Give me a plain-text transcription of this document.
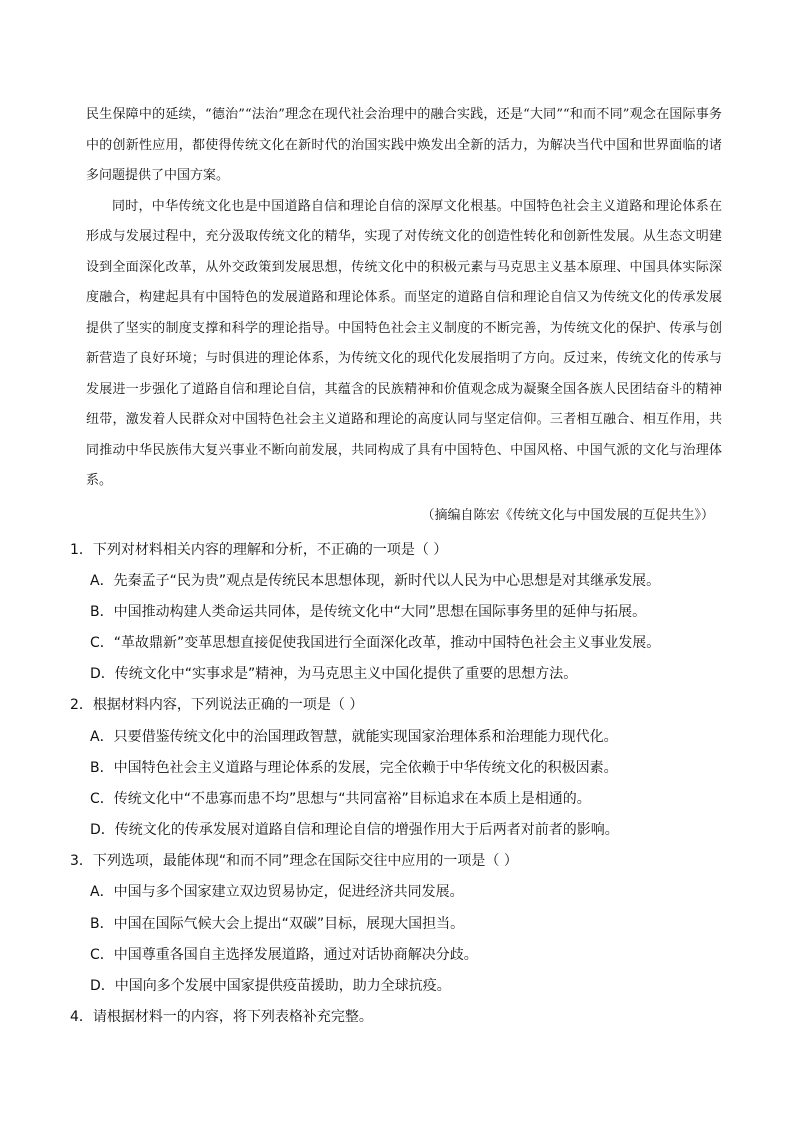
民生保障中的延续，“德治”“法治”理念在现代社会治理中的融合实践，还是“大同”“和而不同”观念在国际事务中的创新性应用，都使得传统文化在新时代的治国实践中焕发出全新的活力，为解决当代中国和世界面临的诸多问题提供了中国方案。

同时，中华传统文化也是中国道路自信和理论自信的深厚文化根基。中国特色社会主义道路和理论体系在形成与发展过程中，充分汲取传统文化的精华，实现了对传统文化的创造性转化和创新性发展。从生态文明建设到全面深化改革，从外交政策到发展思想，传统文化中的积极元素与马克思主义基本原理、中国具体实际深度融合，构建起具有中国特色的发展道路和理论体系。而坚定的道路自信和理论自信又为传统文化的传承发展提供了坚实的制度支撑和科学的理论指导。中国特色社会主义制度的不断完善，为传统文化的保护、传承与创新营造了良好环境；与时俱进的理论体系，为传统文化的现代化发展指明了方向。反过来，传统文化的传承与发展进一步强化了道路自信和理论自信，其蕴含的民族精神和价值观念成为凝聚全国各族人民团结奋斗的精神纽带，激发着人民群众对中国特色社会主义道路和理论的高度认同与坚定信仰。三者相互融合、相互作用，共同推动中华民族伟大复兴事业不断向前发展，共同构成了具有中国特色、中国风格、中国气派的文化与治理体系。

（摘编自陈宏《传统文化与中国发展的互促共生》）
1．下列对材料相关内容的理解和分析，不正确的一项是（ ）
A．先秦孟子“民为贵”观点是传统民本思想体现，新时代以人民为中心思想是对其继承发展。
B．中国推动构建人类命运共同体，是传统文化中“大同”思想在国际事务里的延伸与拓展。
C．“革故鼎新”变革思想直接促使我国进行全面深化改革，推动中国特色社会主义事业发展。
D．传统文化中“实事求是”精神，为马克思主义中国化提供了重要的思想方法。
2．根据材料内容，下列说法正确的一项是（ ）
A．只要借鉴传统文化中的治国理政智慧，就能实现国家治理体系和治理能力现代化。
B．中国特色社会主义道路与理论体系的发展，完全依赖于中华传统文化的积极因素。
C．传统文化中“不患寡而患不均”思想与“共同富裕”目标追求在本质上是相通的。
D．传统文化的传承发展对道路自信和理论自信的增强作用大于后两者对前者的影响。
3．下列选项，最能体现“和而不同”理念在国际交往中应用的一项是（ ）
A．中国与多个国家建立双边贸易协定，促进经济共同发展。
B．中国在国际气候大会上提出“双碳”目标，展现大国担当。
C．中国尊重各国自主选择发展道路，通过对话协商解决分歧。
D．中国向多个发展中国家提供疫苗援助，助力全球抗疫。
4．请根据材料一的内容，将下列表格补充完整。
